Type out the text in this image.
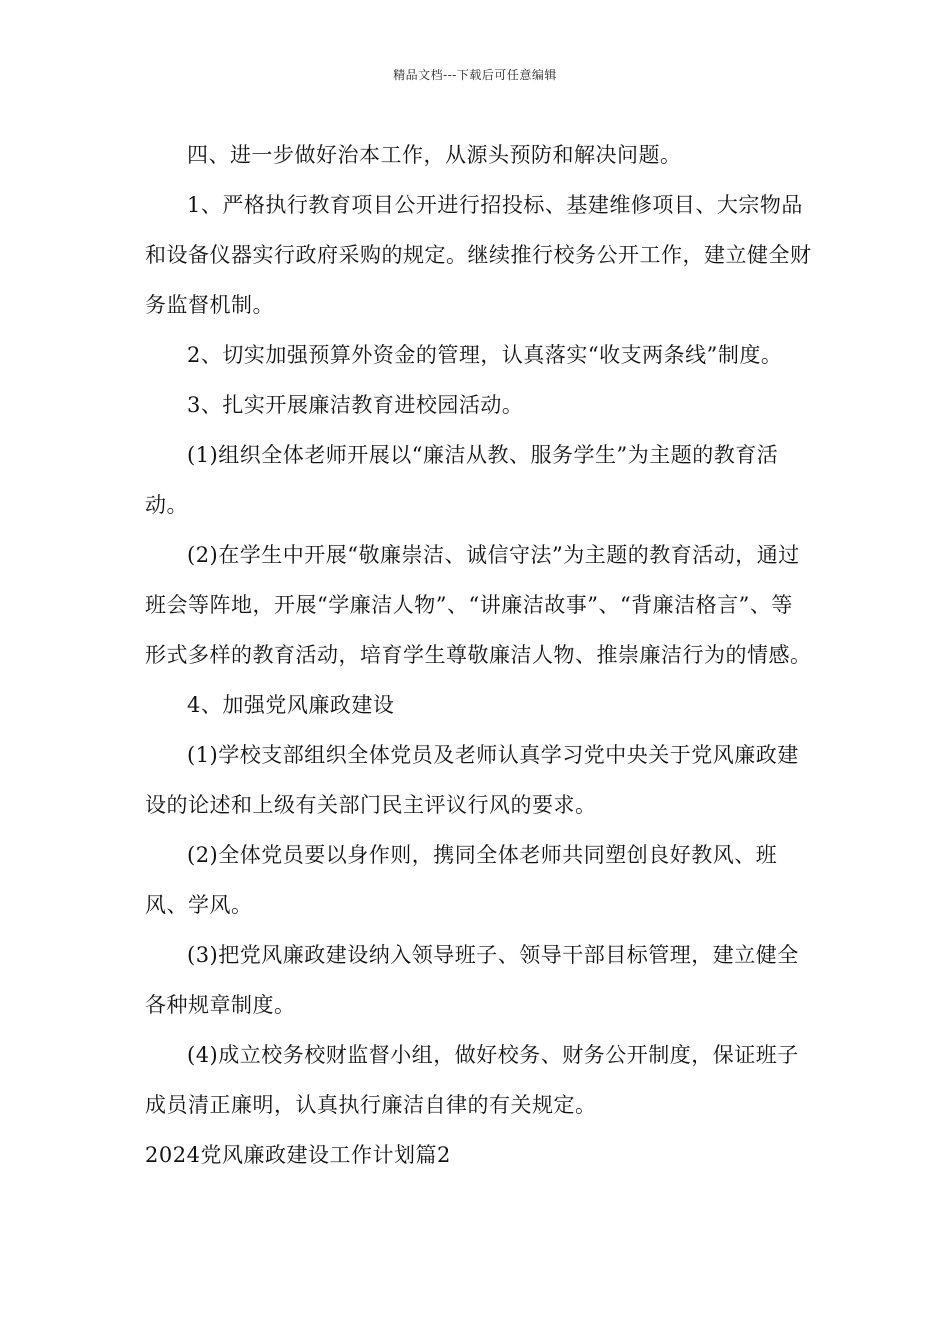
精品文档---下载后可任意编辑

四、进一步做好治本工作，从源头预防和解决问题。

1、严格执行教育项目公开进行招投标、基建维修项目、大宗物品和设备仪器实行政府采购的规定。继续推行校务公开工作，建立健全财务监督机制。

2、切实加强预算外资金的管理，认真落实“收支两条线”制度。

3、扎实开展廉洁教育进校园活动。

(1)组织全体老师开展以“廉洁从教、服务学生”为主题的教育活动。

(2)在学生中开展“敬廉崇洁、诚信守法”为主题的教育活动，通过班会等阵地，开展“学廉洁人物”、“讲廉洁故事”、“背廉洁格言”、等形式多样的教育活动，培育学生尊敬廉洁人物、推崇廉洁行为的情感。

4、加强党风廉政建设

(1)学校支部组织全体党员及老师认真学习党中央关于党风廉政建设的论述和上级有关部门民主评议行风的要求。

(2)全体党员要以身作则，携同全体老师共同塑创良好教风、班风、学风。

(3)把党风廉政建设纳入领导班子、领导干部目标管理，建立健全各种规章制度。

(4)成立校务校财监督小组，做好校务、财务公开制度，保证班子成员清正廉明，认真执行廉洁自律的有关规定。

2024党风廉政建设工作计划篇2
